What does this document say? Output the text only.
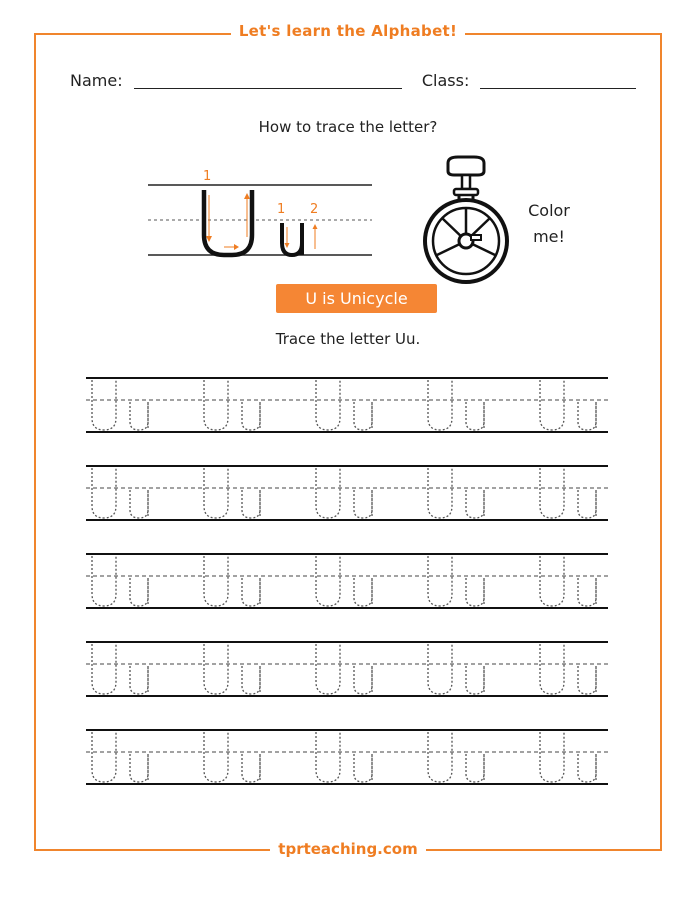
Let's learn the Alphabet!
Name:	Class:
How to trace the letter?
1
1 2	Color
me!
U is Unicycle
Trace the letter Uu.
tprteaching.com
